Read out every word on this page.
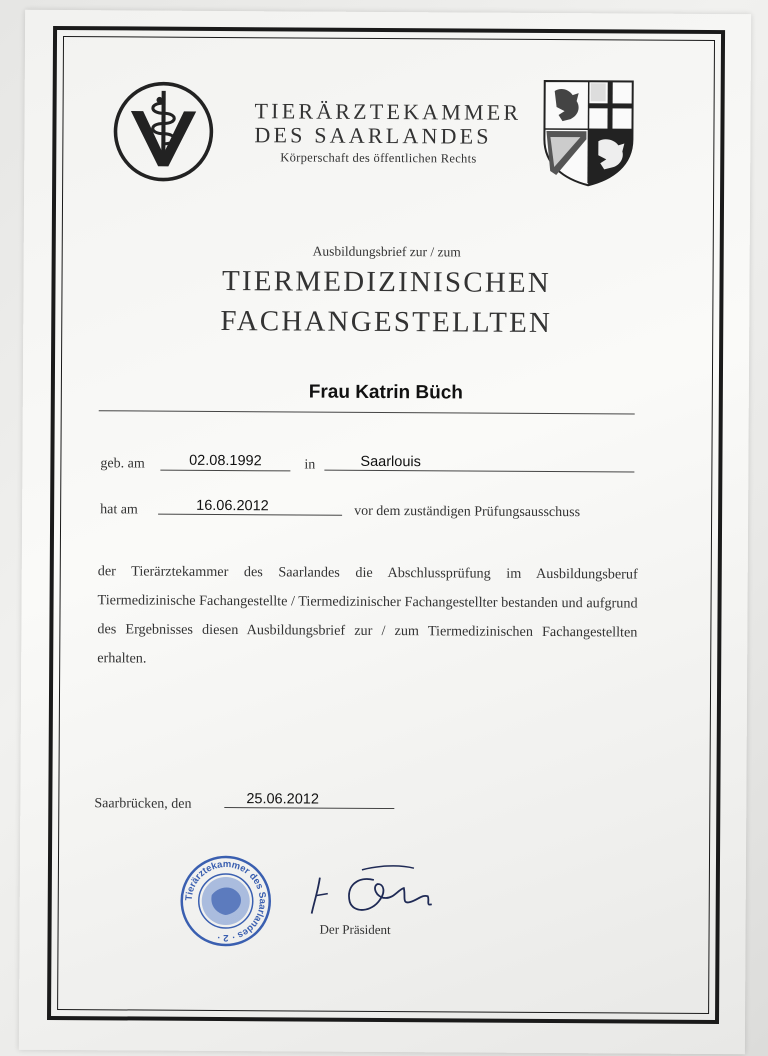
TIERÄRZTEKAMMER
DES SAARLANDES
Körperschaft des öffentlichen Rechts
Ausbildungsbrief zur / zum
TIERMEDIZINISCHEN
FACHANGESTELLTEN
Frau Katrin Büch
geb. am	02.08.1992	in	Saarlouis
hat am	16.06.2012	vor dem zuständigen Prüfungsausschuss
der Tierärztekammer des Saarlandes die Abschlussprüfung im Ausbildungsberuf Tiermedizinische Fachangestellte / Tiermedizinischer Fachangestellter bestanden und aufgrund des Ergebnisses diesen Ausbildungsbrief zur / zum Tiermedizinischen Fachangestellten erhalten.
Saarbrücken, den	25.06.2012
Tierärztekammer des Saarlandes · 2 ·	Der Präsident
